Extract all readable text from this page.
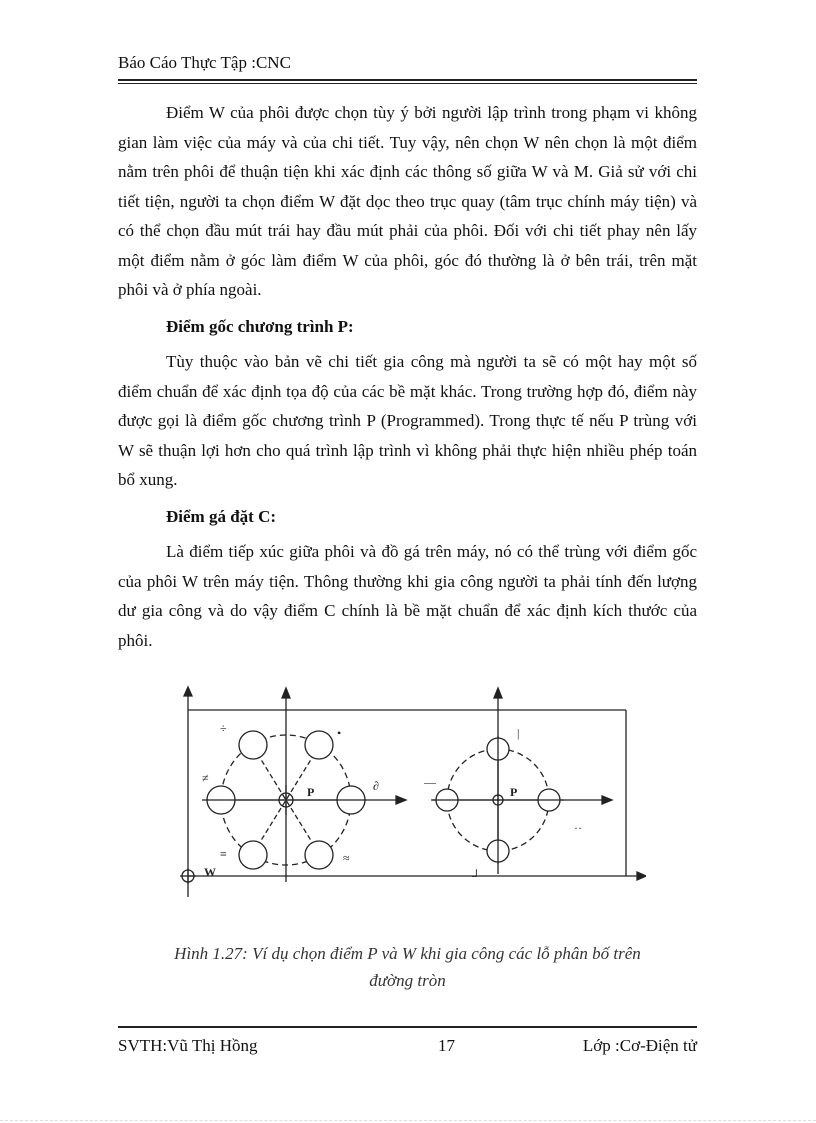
Báo Cáo Thực Tập :CNC

Điểm W của phôi được chọn tùy ý bởi người lập trình trong phạm vi không gian làm việc của máy và của chi tiết. Tuy vậy, nên chọn W nên chọn là một điểm nằm trên phôi để thuận tiện khi xác định các thông số giữa W và M. Giả sử với chi tiết tiện, người ta chọn điểm W đặt dọc theo trục quay (tâm trục chính máy tiện) và có thể chọn đầu mút trái hay đầu mút phải của phôi. Đối với chi tiết phay nên lấy một điểm nằm ở góc làm điểm W của phôi, góc đó thường là ở bên trái, trên mặt phôi và ở phía ngoài.

Điểm gốc chương trình P:

Tùy thuộc vào bản vẽ chi tiết gia công mà người ta sẽ có một hay một số điểm chuẩn để xác định tọa độ của các bề mặt khác. Trong trường hợp đó, điểm này được gọi là điểm gốc chương trình P (Programmed). Trong thực tế nếu P trùng với W sẽ thuận lợi hơn cho quá trình lập trình vì không phải thực hiện nhiều phép toán bổ xung.

Điểm gá đặt C:

Là điểm tiếp xúc giữa phôi và đồ gá trên máy, nó có thể trùng với điểm gốc của phôi W trên máy tiện. Thông thường khi gia công người ta phải tính đến lượng dư gia công và do vậy điểm C chính là bề mặt chuẩn để xác định kích thước của phôi.

P	P
W
÷	•
≠
∂
≡	≈
|
—
··
┘
Hình 1.27: Ví dụ chọn điểm P và W khi gia công các lỗ phân bố trên
đường tròn
SVTH:Vũ Thị Hồng	17	Lớp :Cơ-Điện tử
